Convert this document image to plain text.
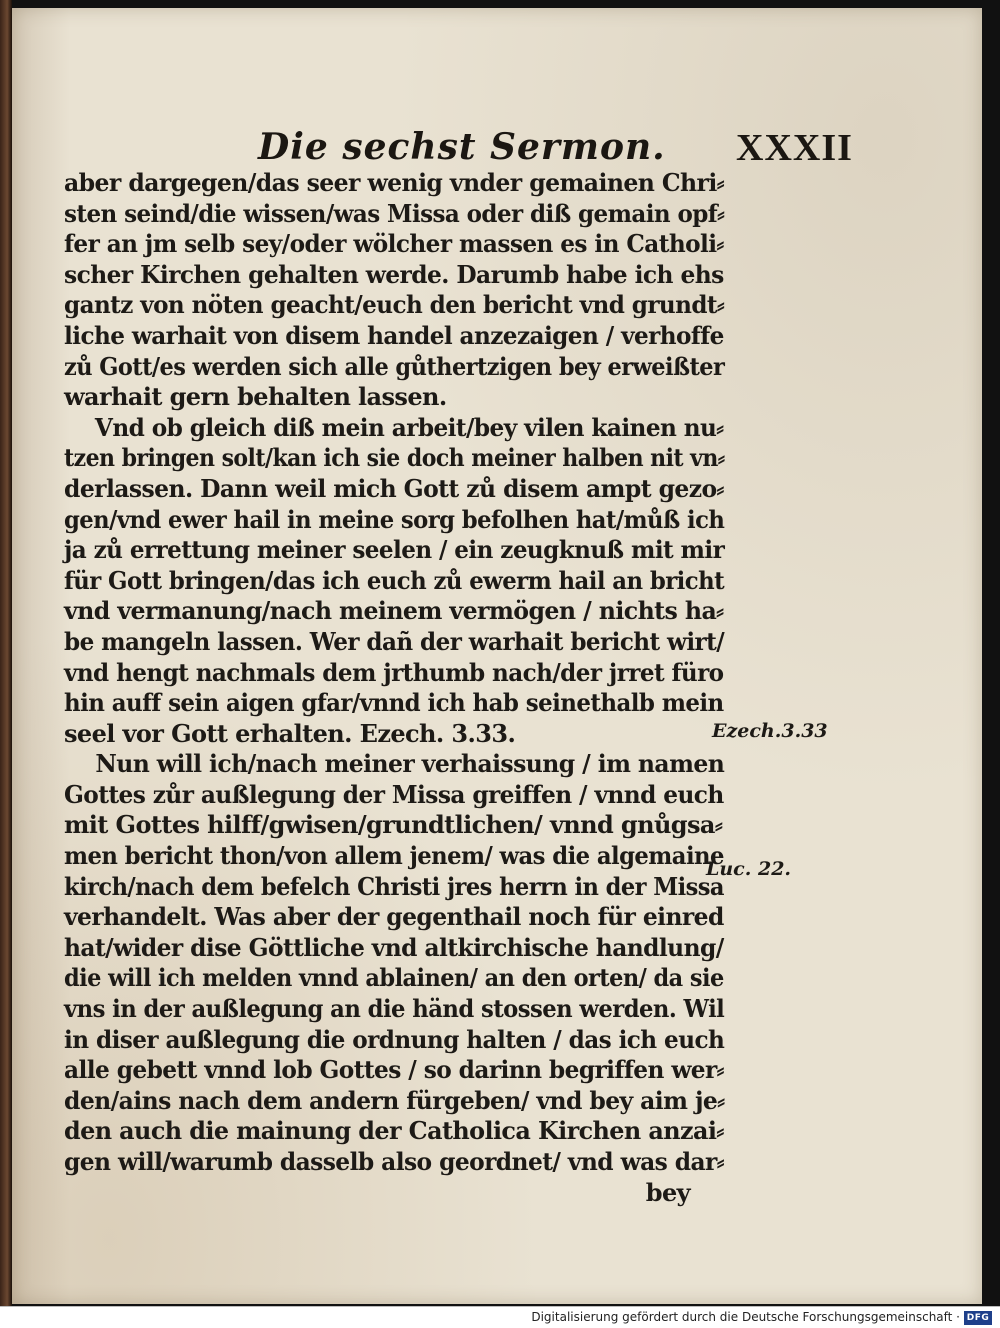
Die sechst Sermon. XXXII
aber dargegen/das seer wenig vnder gemainen Chri⸗
sten seind/die wissen/was Missa oder diß gemain opf⸗
fer an jm selb sey/oder wölcher massen es in Catholi⸗
scher Kirchen gehalten werde. Darumb habe ich ehs
gantz von nöten geacht/euch den bericht vnd grundt⸗
liche warhait von disem handel anzezaigen / verhoffe
zů Gott/es werden sich alle gůthertzigen bey erweißter
warhait gern behalten lassen.
Vnd ob gleich diß mein arbeit/bey vilen kainen nu⸗
tzen bringen solt/kan ich sie doch meiner halben nit vn⸗
derlassen. Dann weil mich Gott zů disem ampt gezo⸗
gen/vnd ewer hail in meine sorg befolhen hat/můß ich
ja zů errettung meiner seelen / ein zeugknuß mit mir
für Gott bringen/das ich euch zů ewerm hail an bricht
vnd vermanung/nach meinem vermögen / nichts ha⸗
be mangeln lassen. Wer dañ der warhait bericht wirt/
vnd hengt nachmals dem jrthumb nach/der jrret füro
hin auff sein aigen gfar/vnnd ich hab seinethalb mein
seel vor Gott erhalten. Ezech. 3.33.
Nun will ich/nach meiner verhaissung / im namen
Gottes zůr außlegung der Missa greiffen / vnnd euch
mit Gottes hilff/gwisen/grundtlichen/ vnnd gnůgsa⸗
men bericht thon/von allem jenem/ was die algemaine
kirch/nach dem befelch Christi jres herrn in der Missa
verhandelt. Was aber der gegenthail noch für einred
hat/wider dise Göttliche vnd altkirchische handlung/
die will ich melden vnnd ablainen/ an den orten/ da sie
vns in der außlegung an die händ stossen werden. Wil
in diser außlegung die ordnung halten / das ich euch
alle gebett vnnd lob Gottes / so darinn begriffen wer⸗
den/ains nach dem andern fürgeben/ vnd bey aim je⸗
den auch die mainung der Catholica Kirchen anzai⸗
gen will/warumb dasselb also geordnet/ vnd was dar⸗
bey
Ezech.3.33
Luc. 22.
Digitalisierung gefördert durch die Deutsche Forschungsgemeinschaft · DFG
